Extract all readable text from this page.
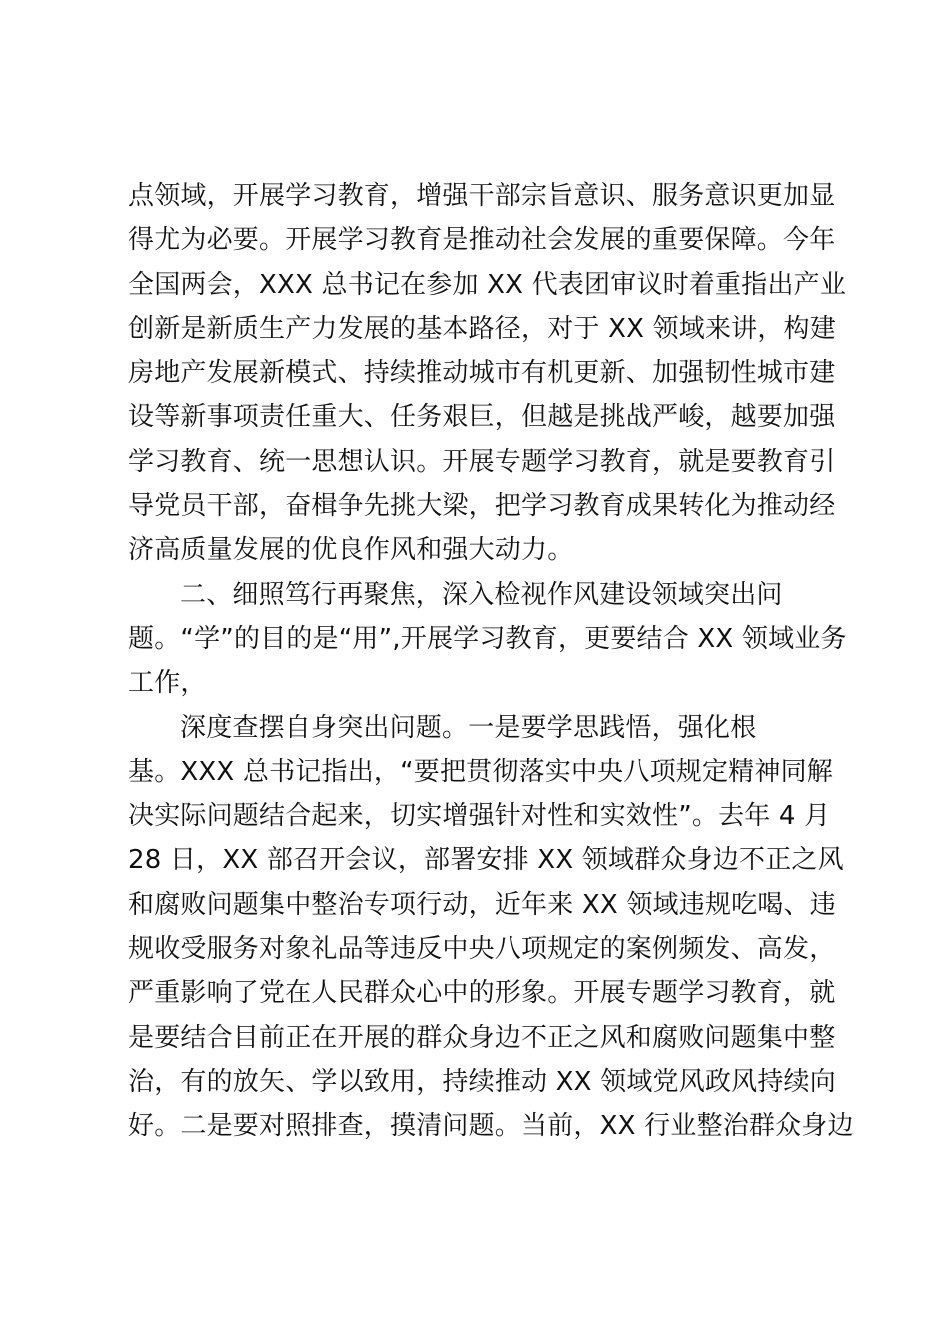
点领域，开展学习教育，增强干部宗旨意识、服务意识更加显
得尤为必要。开展学习教育是推动社会发展的重要保障。今年
全国两会，XXX 总书记在参加 XX 代表团审议时着重指出产业
创新是新质生产力发展的基本路径，对于 XX 领域来讲，构建
房地产发展新模式、持续推动城市有机更新、加强韧性城市建
设等新事项责任重大、任务艰巨，但越是挑战严峻，越要加强
学习教育、统一思想认识。开展专题学习教育，就是要教育引
导党员干部，奋楫争先挑大梁，把学习教育成果转化为推动经
济高质量发展的优良作风和强大动力。
二、细照笃行再聚焦，深入检视作风建设领域突出问
题。“学”的目的是“用”,开展学习教育，更要结合 XX 领域业务
工作，
深度查摆自身突出问题。一是要学思践悟，强化根
基。XXX 总书记指出，“要把贯彻落实中央八项规定精神同解
决实际问题结合起来，切实增强针对性和实效性”。去年 4 月
28 日，XX 部召开会议，部署安排 XX 领域群众身边不正之风
和腐败问题集中整治专项行动，近年来 XX 领域违规吃喝、违
规收受服务对象礼品等违反中央八项规定的案例频发、高发，
严重影响了党在人民群众心中的形象。开展专题学习教育，就
是要结合目前正在开展的群众身边不正之风和腐败问题集中整
治，有的放矢、学以致用，持续推动 XX 领域党风政风持续向
好。二是要对照排查，摸清问题。当前，XX 行业整治群众身边
